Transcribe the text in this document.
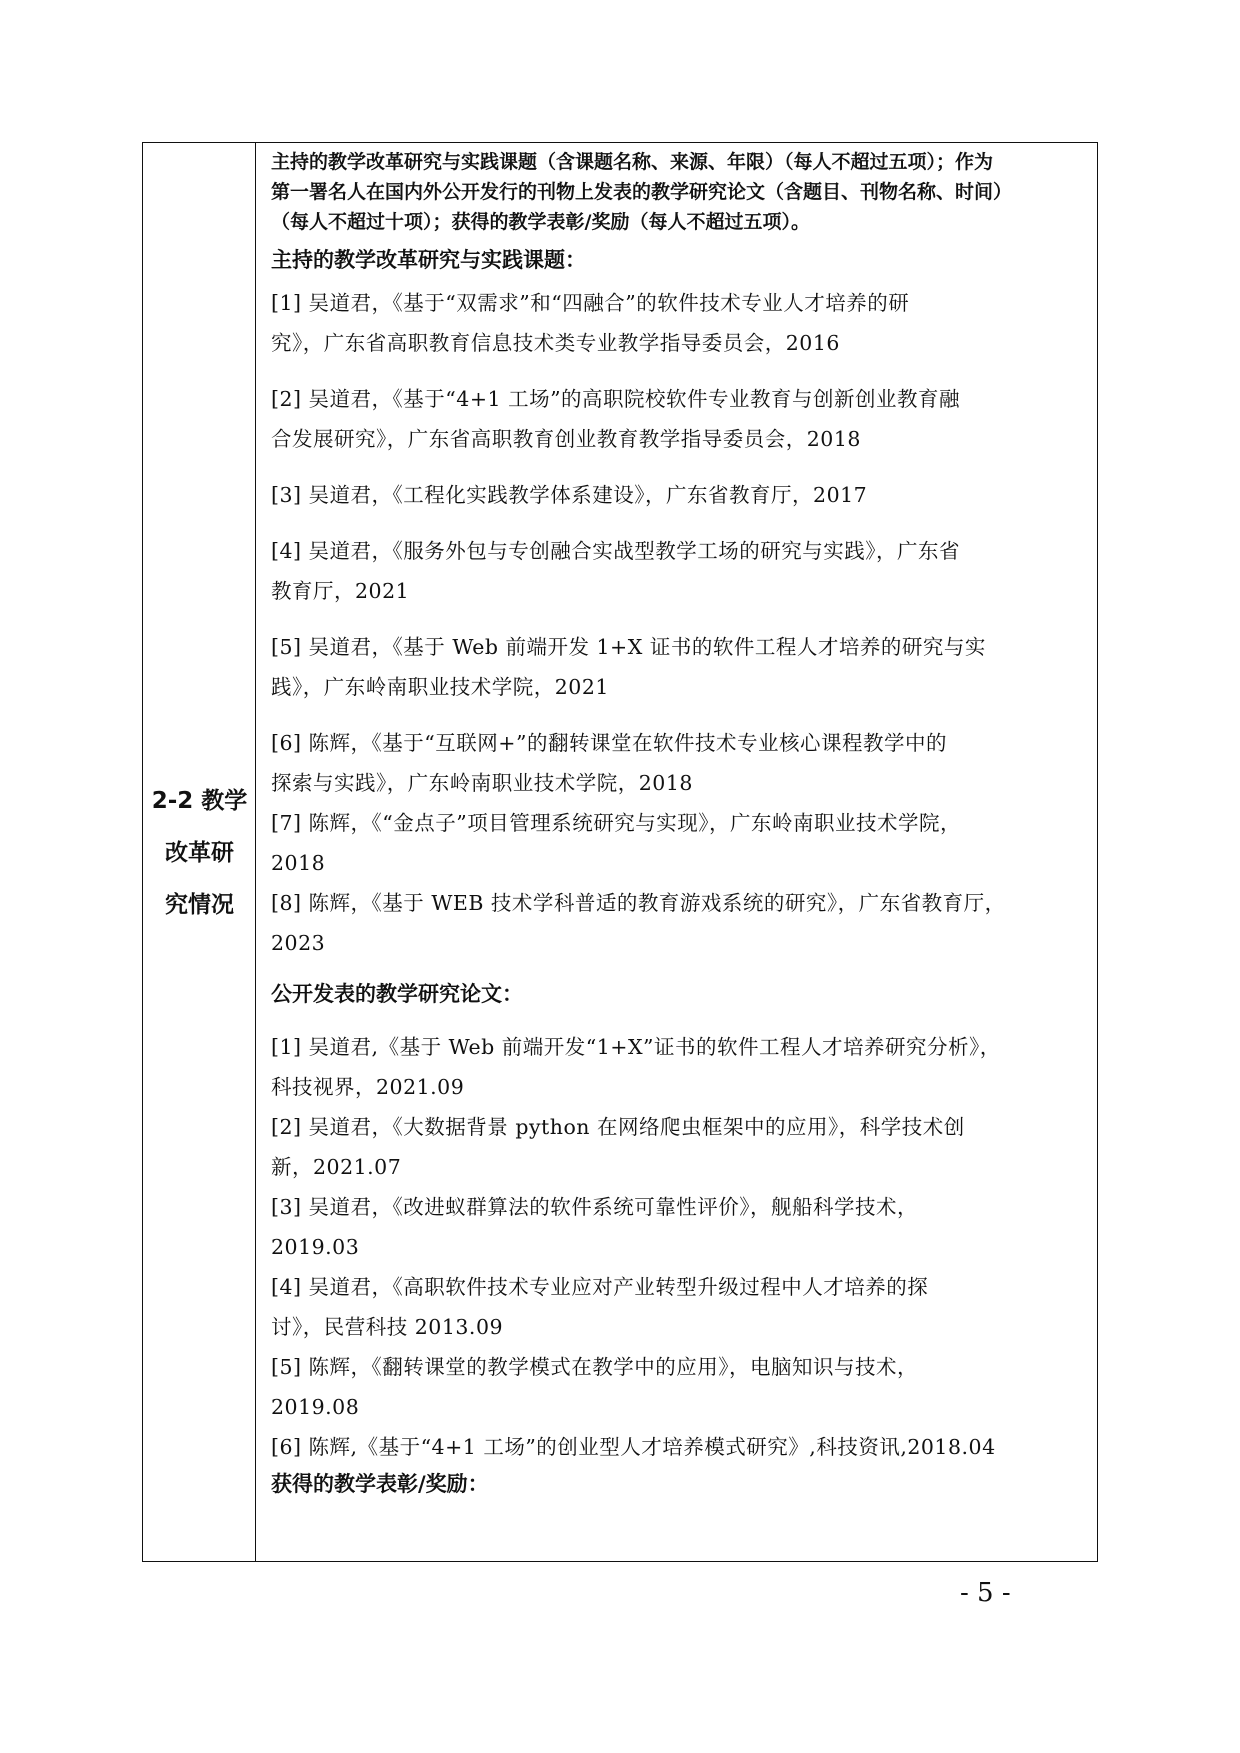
2-2 教学
改革研
究情况

主持的教学改革研究与实践课题（含课题名称、来源、年限）（每人不超过五项）；作为

第一署名人在国内外公开发行的刊物上发表的教学研究论文（含题目、刊物名称、时间）

（每人不超过十项）；获得的教学表彰/奖励（每人不超过五项）。

主持的教学改革研究与实践课题：

[1] 吴道君，《基于“双需求”和“四融合”的软件技术专业人才培养的研

究》，广东省高职教育信息技术类专业教学指导委员会，2016

[2] 吴道君，《基于“4+1 工场”的高职院校软件专业教育与创新创业教育融

合发展研究》，广东省高职教育创业教育教学指导委员会，2018

[3] 吴道君，《工程化实践教学体系建设》，广东省教育厅，2017

[4] 吴道君，《服务外包与专创融合实战型教学工场的研究与实践》，广东省

教育厅，2021

[5] 吴道君，《基于 Web 前端开发 1+X 证书的软件工程人才培养的研究与实

践》，广东岭南职业技术学院，2021

[6] 陈辉，《基于“互联网+”的翻转课堂在软件技术专业核心课程教学中的

探索与实践》，广东岭南职业技术学院，2018

[7] 陈辉，《“金点子”项目管理系统研究与实现》，广东岭南职业技术学院，

2018

[8] 陈辉，《基于 WEB 技术学科普适的教育游戏系统的研究》，广东省教育厅，

2023

公开发表的教学研究论文：

[1] 吴道君,《基于 Web 前端开发“1+X”证书的软件工程人才培养研究分析》，

科技视界，2021.09

[2] 吴道君，《大数据背景 python 在网络爬虫框架中的应用》，科学技术创

新，2021.07

[3] 吴道君，《改进蚁群算法的软件系统可靠性评价》，舰船科学技术，

2019.03

[4] 吴道君，《高职软件技术专业应对产业转型升级过程中人才培养的探

讨》，民营科技 2013.09

[5] 陈辉，《翻转课堂的教学模式在教学中的应用》，电脑知识与技术，

2019.08

[6] 陈辉,《基于“4+1 工场”的创业型人才培养模式研究》,科技资讯,2018.04

获得的教学表彰/奖励：

- 5 -
